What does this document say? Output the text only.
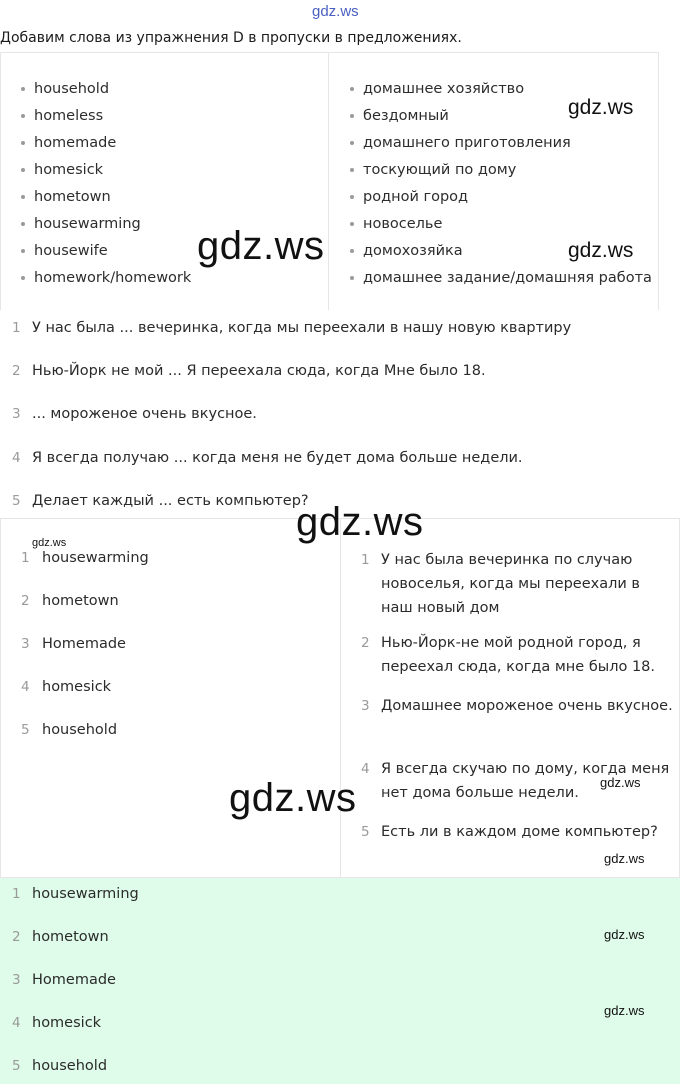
gdz.ws
Добавим слова из упражнения D в пропуски в предложениях.
household
homeless
homemade
homesick
hometown
housewarming
housewife
homework/homework
домашнее хозяйство
бездомный
домашнего приготовления
тоскующий по дому
родной город
новоселье
домохозяйка
домашнее задание/домашняя работа
1 У нас была ... вечеринка, когда мы переехали в нашу новую квартиру
2 Нью-Йорк не мой ... Я переехала сюда, когда Мне было 18.
3 ... мороженое очень вкусное.
4 Я всегда получаю ... когда меня не будет дома больше недели.
5 Делает каждый ... есть компьютер?
1 housewarming
2 hometown
3 Homemade
4 homesick
5 household
1 У нас была вечеринка по случаю новоселья, когда мы переехали в наш новый дом
2 Нью-Йорк-не мой родной город, я переехал сюда, когда мне было 18.
3 Домашнее мороженое очень вкусное.
4 Я всегда скучаю по дому, когда меня нет дома больше недели.
5 Есть ли в каждом доме компьютер?
1 housewarming
2 hometown
3 Homemade
4 homesick
5 household
gdz.ws
gdz.ws	gdz.ws
gdz.ws
gdz.ws
gdz.ws	gdz.ws
gdz.ws
gdz.ws
gdz.ws
